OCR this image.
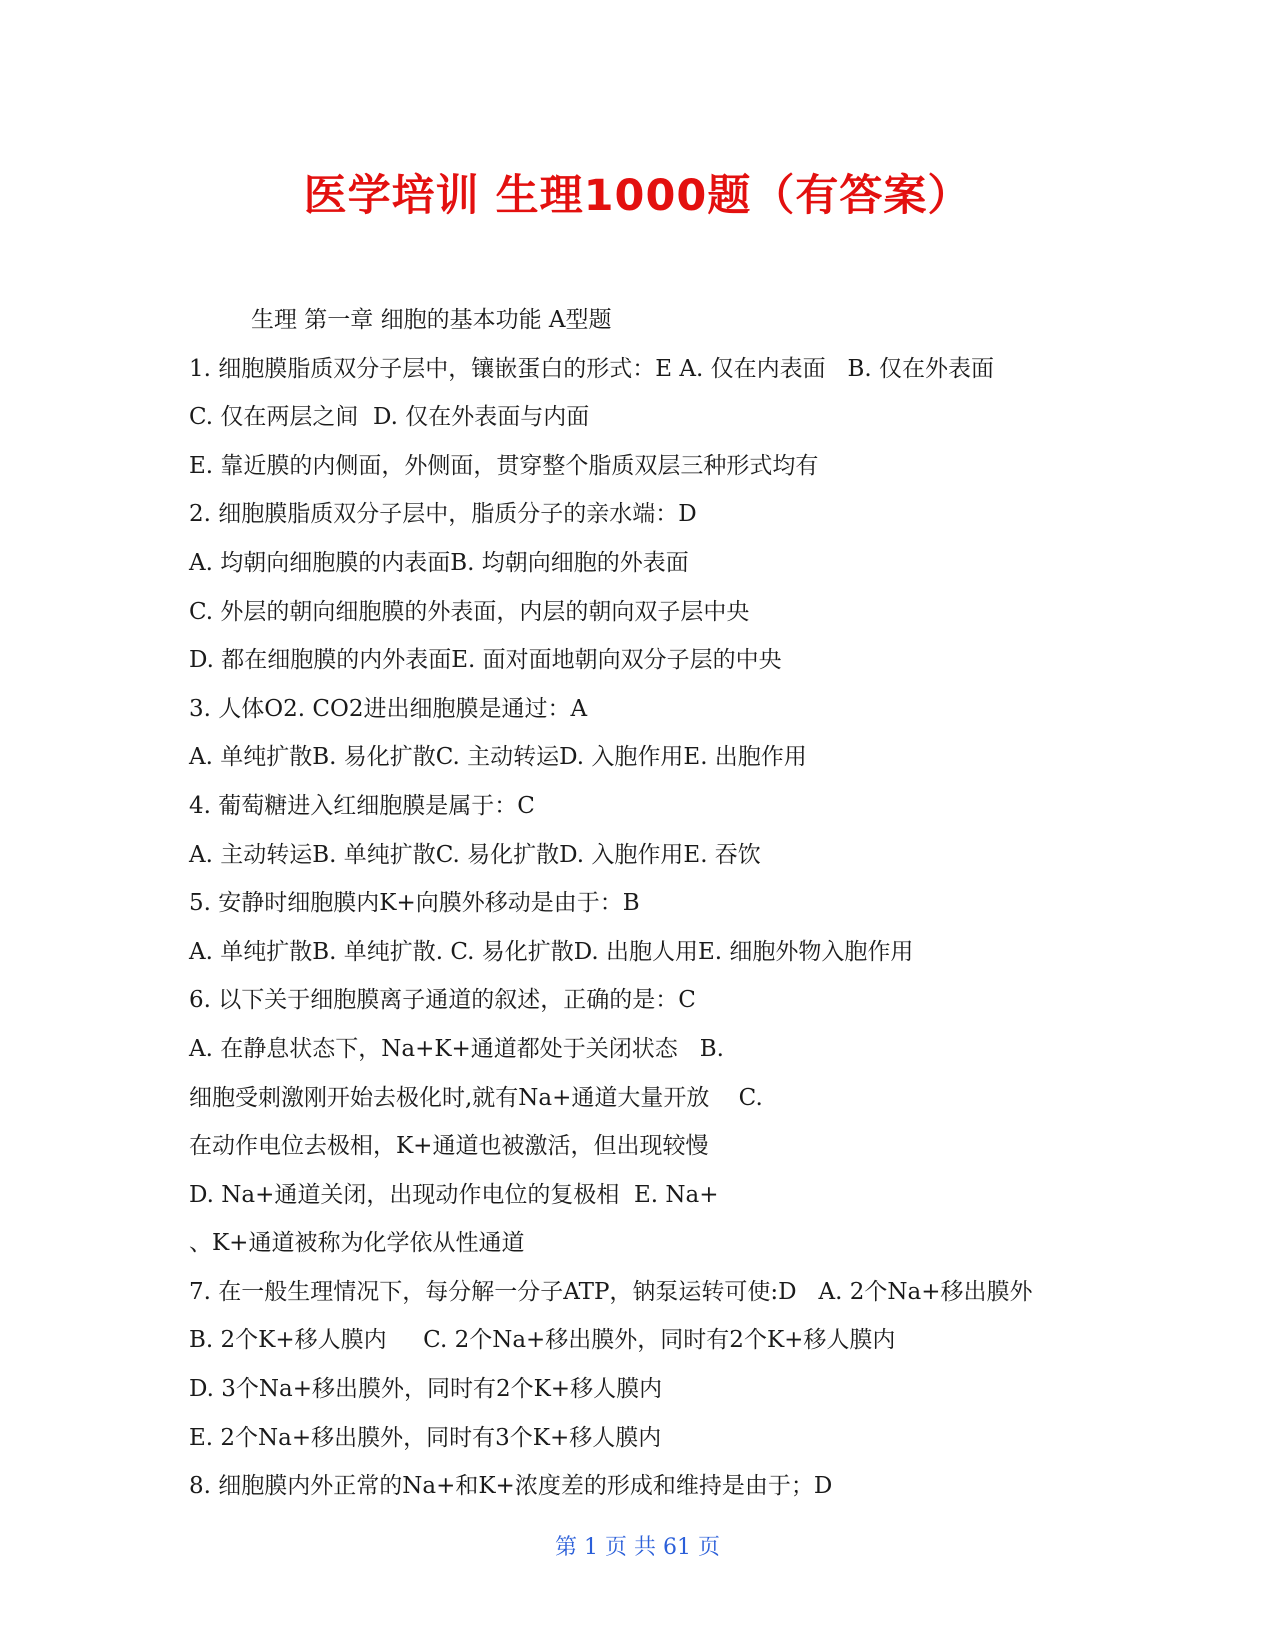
医学培训 生理1000题（有答案）
生理 第一章 细胞的基本功能 A型题
1. 细胞膜脂质双分子层中，镶嵌蛋白的形式：E A. 仅在内表面   B. 仅在外表面
C. 仅在两层之间  D. 仅在外表面与内面
E. 靠近膜的内侧面，外侧面，贯穿整个脂质双层三种形式均有
2. 细胞膜脂质双分子层中，脂质分子的亲水端：D
A. 均朝向细胞膜的内表面B. 均朝向细胞的外表面
C. 外层的朝向细胞膜的外表面，内层的朝向双子层中央
D. 都在细胞膜的内外表面E. 面对面地朝向双分子层的中央
3. 人体O2. CO2进出细胞膜是通过：A
A. 单纯扩散B. 易化扩散C. 主动转运D. 入胞作用E. 出胞作用
4. 葡萄糖进入红细胞膜是属于：C
A. 主动转运B. 单纯扩散C. 易化扩散D. 入胞作用E. 吞饮
5. 安静时细胞膜内K+向膜外移动是由于：B
A. 单纯扩散B. 单纯扩散. C. 易化扩散D. 出胞人用E. 细胞外物入胞作用
6. 以下关于细胞膜离子通道的叙述，正确的是：C
A. 在静息状态下，Na+K+通道都处于关闭状态   B.
细胞受刺激刚开始去极化时,就有Na+通道大量开放    C.
在动作电位去极相，K+通道也被激活，但出现较慢
D. Na+通道关闭，出现动作电位的复极相  E. Na+
、K+通道被称为化学依从性通道
7. 在一般生理情况下，每分解一分子ATP，钠泵运转可使:D   A. 2个Na+移出膜外
B. 2个K+移人膜内     C. 2个Na+移出膜外，同时有2个K+移人膜内
D. 3个Na+移出膜外，同时有2个K+移人膜内
E. 2个Na+移出膜外，同时有3个K+移人膜内
8. 细胞膜内外正常的Na+和K+浓度差的形成和维持是由于；D
第 1 页 共 61 页
